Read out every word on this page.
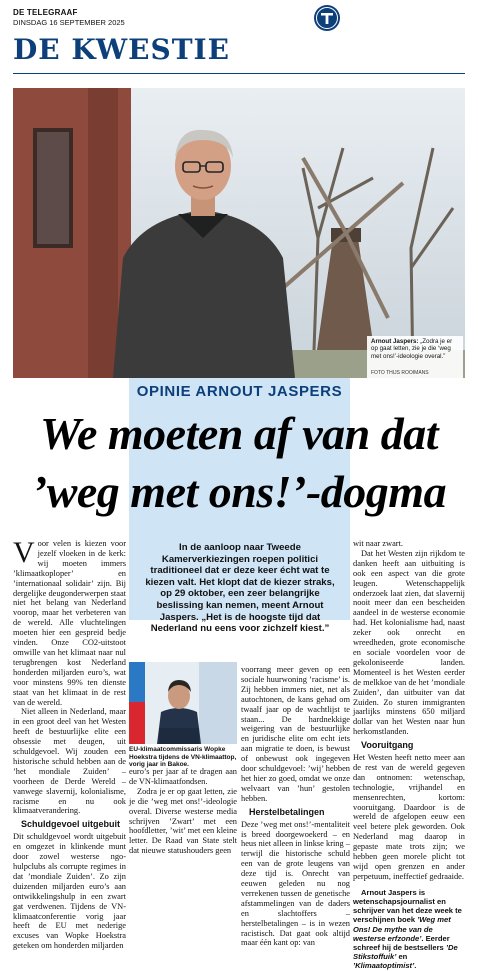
DE TELEGRAAF
DINSDAG 16 SEPTEMBER 2025
DE KWESTIE
Arnout Jaspers: „Zodra je er op gaat letten, zie je die ‘weg met ons!’-ideologie overal.”
FOTO THIJS ROOIMANS
OPINIE ARNOUT JASPERS
We moeten af van dat
’weg met ons!’-dogma
In de aanloop naar Tweede Kamerverkiezingen roepen politici traditioneel dat er deze keer écht wat te kiezen valt. Het klopt dat de kiezer straks, op 29 oktober, een zeer belangrijke beslissing kan nemen, meent Arnout Jaspers. „Het is de hoogste tijd dat Nederland nu eens voor zichzelf kiest.”

Voor velen is kiezen voor jezelf vloeken in de kerk: wij moeten immers ’klimaatkoploper’ en ’internationaal solidair’ zijn. Bij dergelijke deugonderwerpen staat niet het belang van Nederland voorop, maar het verbeteren van de wereld. Alle vluchtelingen moeten hier een gespreid bedje vinden. Onze CO2-uitstoot omwille van het klimaat naar nul terugbrengen kost Nederland honderden miljarden euro’s, wat voor minstens 99% ten dienste staat van het klimaat in de rest van de wereld.

Niet alleen in Nederland, maar in een groot deel van het Westen heeft de bestuurlijke elite een obsessie met deugen, uit schuldgevoel. Wij zouden een historische schuld hebben aan de ’het mondiale Zuiden’ – voorheen de Derde Wereld – vanwege slavernij, kolonialisme, racisme en nu ook klimaatverandering.

Schuldgevoel uitgebuit

Dit schuldgevoel wordt uitgebuit en omgezet in klinkende munt door zowel westerse ngo-hulpclubs als corrupte regimes in dat ’mondiale Zuiden’. Zo zijn duizenden miljarden euro’s aan ontwikkelingshulp in een zwart gat verdwenen. Tijdens de VN-klimaatconferentie vorig jaar heeft de EU met nederige excuses van Wopke Hoekstra geteken om honderden miljarden

EU-klimaatcommissaris Wopke Hoekstra tijdens de VN-klimaattop, vorig jaar in Bakoe.

euro’s per jaar af te dragen aan de VN-klimaatfondsen.

Zodra je er op gaat letten, zie je die ’weg met ons!’-ideologie overal. Diverse westerse media schrijven ’Zwart’ met een hoofdletter, ’wit’ met een kleine letter. De Raad van State stelt dat nieuwe statushouders geen

voorrang meer geven op een sociale huurwoning ’racisme’ is. Zij hebben immers niet, net als autochtonen, de kans gehad om twaalf jaar op de wachtlijst te staan... De hardnekkige weigering van de bestuurlijke en juridische elite om echt iets aan migratie te doen, is bewust of onbewust ook ingegeven door schuldgevoel: ’wij’ hebben het hier zo goed, omdat we onze welvaart van ’hun’ gestolen hebben.

Herstelbetalingen

Deze ’weg met ons!’-mentaliteit is breed doorgewoekerd – en heus niet alleen in linkse kring – terwijl die historische schuld een van de grote leugens van deze tijd is. Onrecht van eeuwen geleden nu nog verrekenen tussen de genetische afstammelingen van de daders en slachtoffers – herstelbetalingen – is in wezen racistisch. Dat gaat ook altijd maar één kant op: van

wit naar zwart.

Dat het Westen zijn rijkdom te danken heeft aan uitbuiting is ook een aspect van die grote leugen. Wetenschappelijk onderzoek laat zien, dat slavernij nooit meer dan een bescheiden aandeel in de westerse economie had. Het kolonialisme had, naast zeker ook onrecht en wreedheden, grote economische en sociale voordelen voor de gekoloniseerde landen. Momenteel is het Westen eerder de melkkoe van de het ’mondiale Zuiden’, dan uitbuiter van dat Zuiden. Zo sturen immigranten jaarlijks minstens 650 miljard dollar van het Westen naar hun herkomstlanden.

Vooruitgang

Het Westen heeft netto meer aan de rest van de wereld gegeven dan ontnomen: wetenschap, technologie, vrijhandel en mensenrechten, kortom: vooruitgang. Daardoor is de wereld de afgelopen eeuw een veel betere plek geworden. Ook Nederland mag daarop in gepaste mate trots zijn; we hebben geen morele plicht tot wijd open grenzen en ander perpetuum, ineffectief gedraaide.

Arnout Jaspers is wetenschapsjournalist en schrijver van het deze week te verschijnen boek ’Weg met Ons! De mythe van de westerse erfzonde’. Eerder schreef hij de bestsellers ’De Stikstoffuik’ en ’Klimaatoptimist’.
